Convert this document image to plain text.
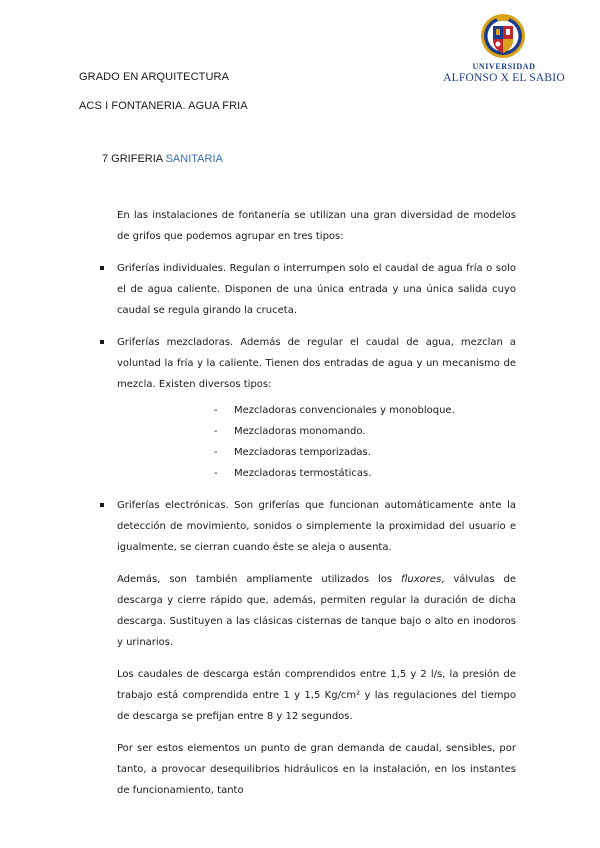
GRADO EN ARQUITECTURA
ACS I FONTANERIA. AGUA FRIA
UNIVERSIDAD
ALFONSO X EL SABIO
7 GRIFERIA SANITARIA

En las instalaciones de fontanería se utilizan una gran diversidad de modelos de grifos que podemos agrupar en tres tipos:

Griferías individuales. Regulan o interrumpen solo el caudal de agua fría o solo el de agua caliente. Disponen de una única entrada y una única salida cuyo caudal se regula girando la cruceta.

Griferías mezcladoras. Además de regular el caudal de agua, mezclan a voluntad la fría y la caliente. Tienen dos entradas de agua y un mecanismo de mezcla. Existen diversos tipos:

- Mezcladoras convencionales y monobloque.
- Mezcladoras monomando.
- Mezcladoras temporizadas.
- Mezcladoras termostáticas.

Griferías electrónicas. Son griferías que funcionan automáticamente ante la detección de movimiento, sonidos o simplemente la proximidad del usuario e igualmente, se cierran cuando éste se aleja o ausenta.

Además, son también ampliamente utilizados los fluxores, válvulas de descarga y cierre rápido que, además, permiten regular la duración de dicha descarga. Sustituyen a las clásicas cisternas de tanque bajo o alto en inodoros y urinarios.

Los caudales de descarga están comprendidos entre 1,5 y 2 l/s, la presión de trabajo está comprendida entre 1 y 1,5 Kg/cm² y las regulaciones del tiempo de descarga se prefijan entre 8 y 12 segundos.

Por ser estos elementos un punto de gran demanda de caudal, sensibles, por tanto, a provocar desequilibrios hidráulicos en la instalación, en los instantes de funcionamiento, tanto
